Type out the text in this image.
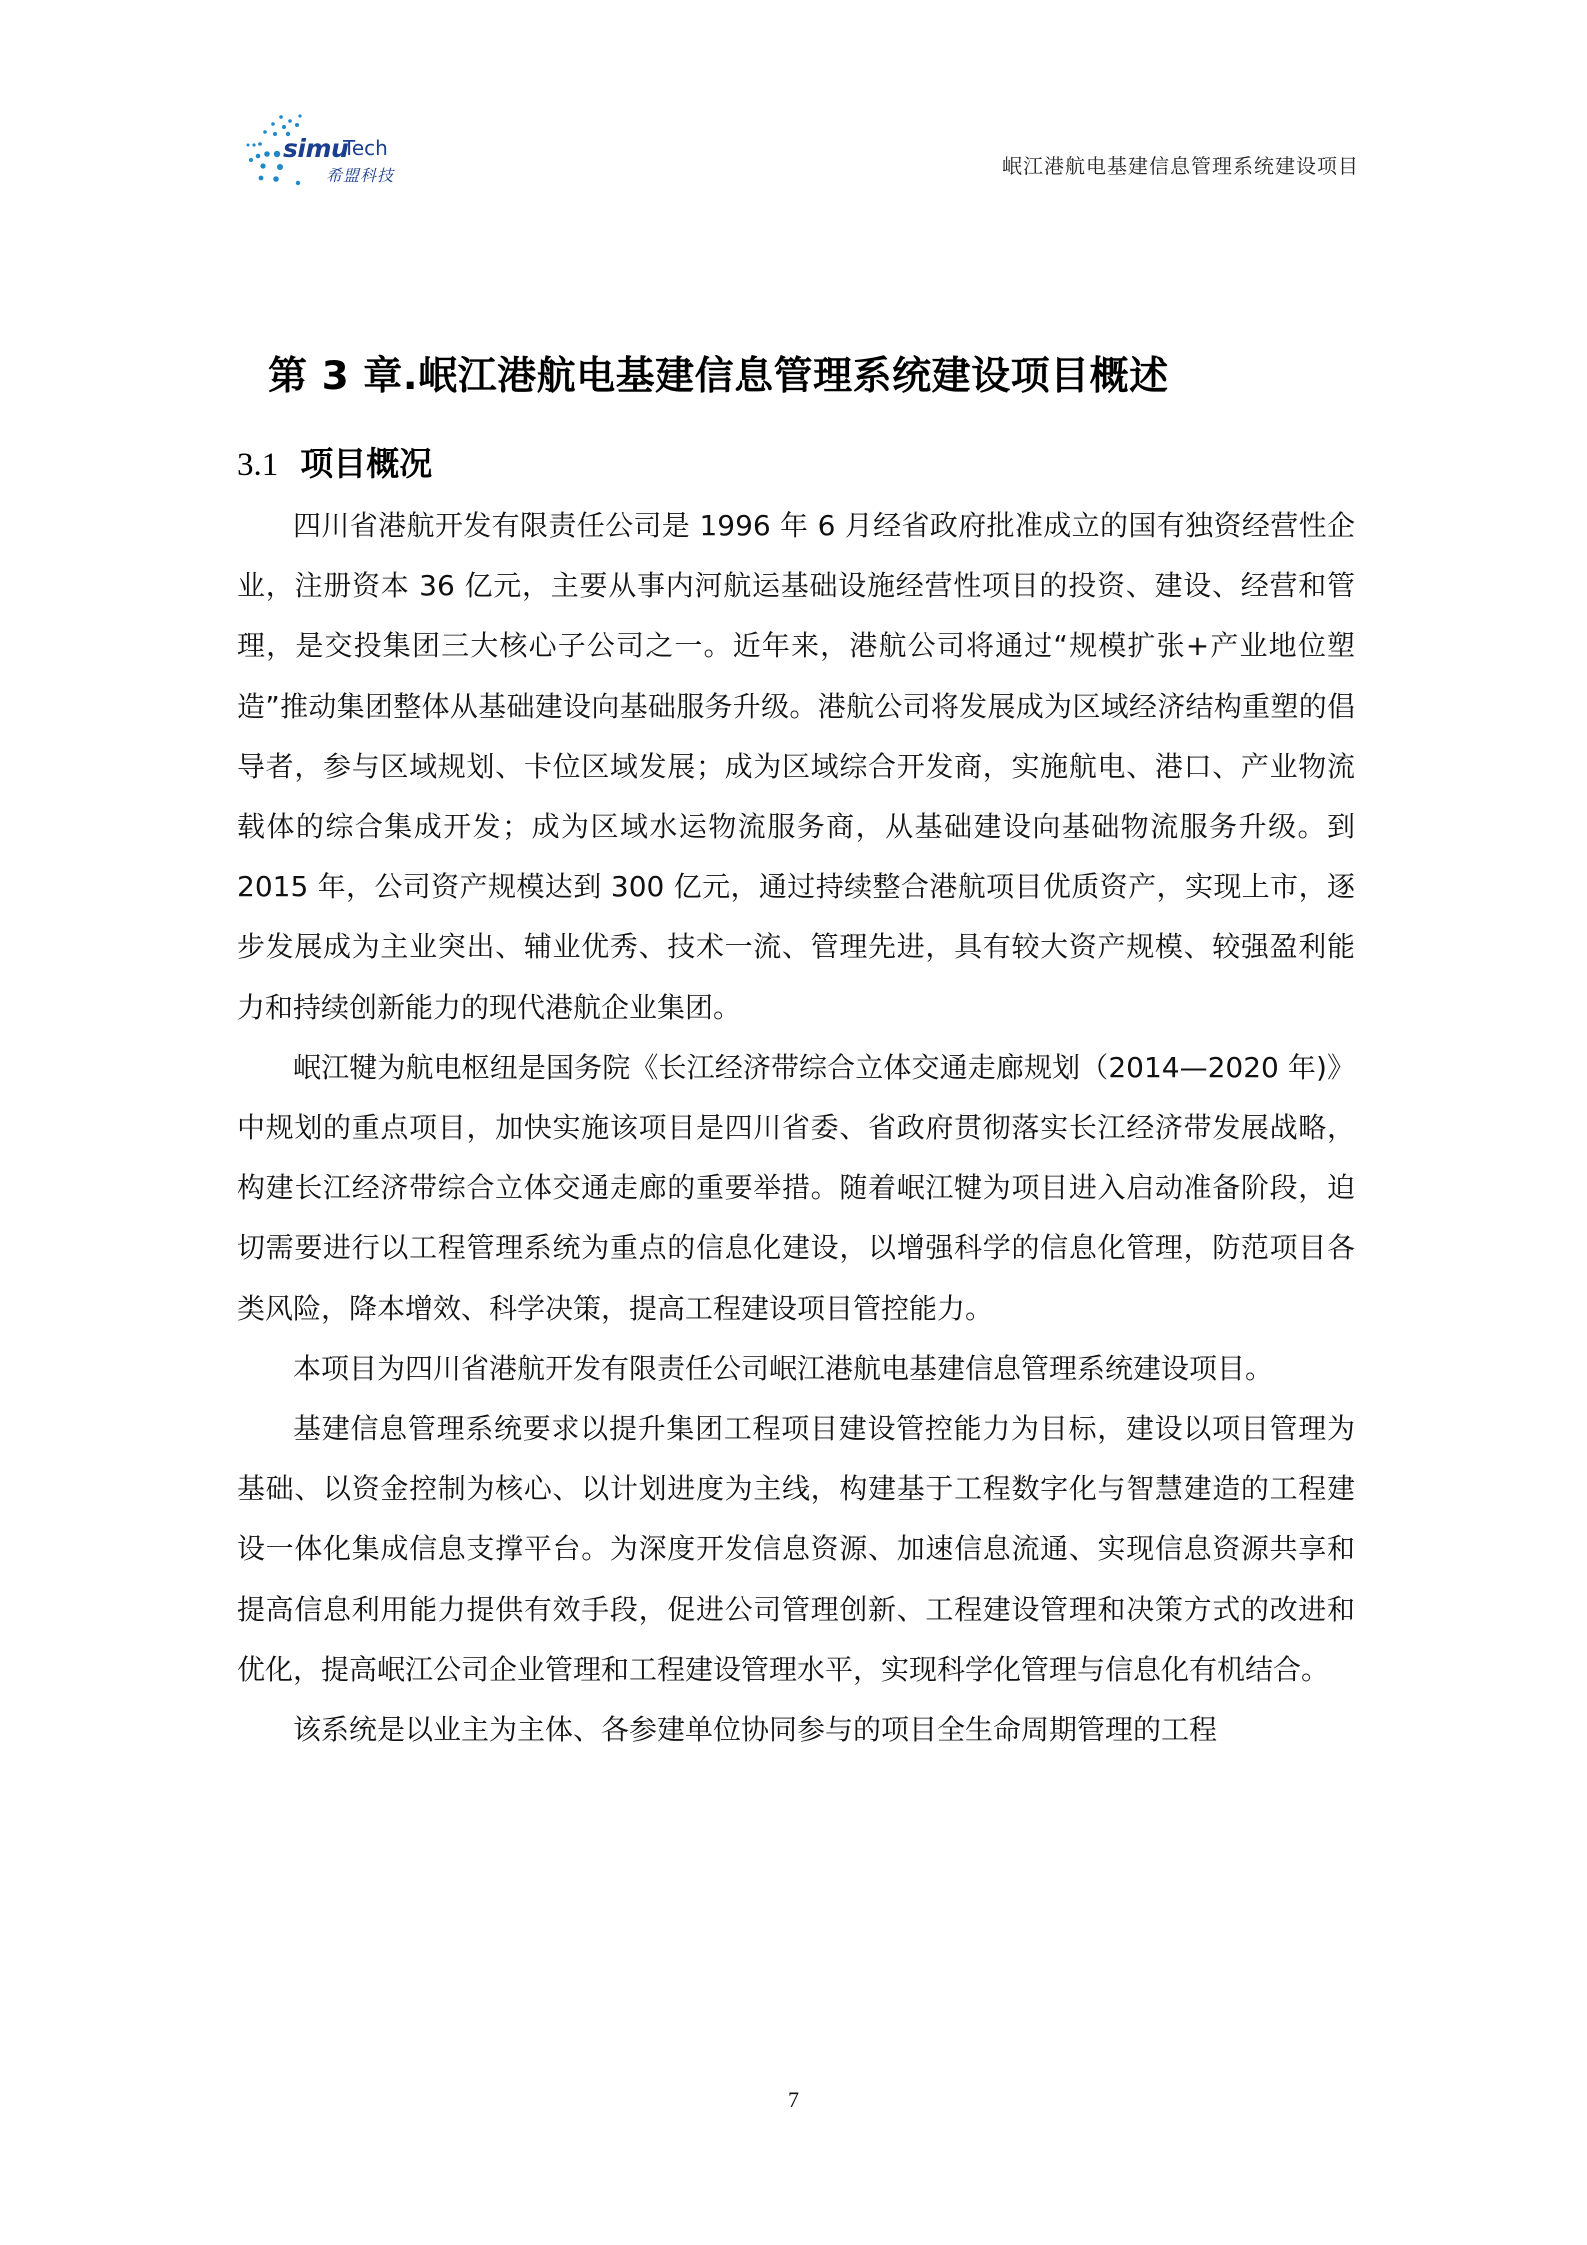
simu
Tech
希盟科技	岷江港航电基建信息管理系统建设项目
第 3 章.岷江港航电基建信息管理系统建设项目概述
3.1 项目概况

四川省港航开发有限责任公司是 1996 年 6 月经省政府批准成立的国有独资经营性企业，注册资本 36 亿元，主要从事内河航运基础设施经营性项目的投资、建设、经营和管理，是交投集团三大核心子公司之一。近年来，港航公司将通过“规模扩张+产业地位塑造”推动集团整体从基础建设向基础服务升级。港航公司将发展成为区域经济结构重塑的倡导者，参与区域规划、卡位区域发展；成为区域综合开发商，实施航电、港口、产业物流载体的综合集成开发；成为区域水运物流服务商，从基础建设向基础物流服务升级。到 2015 年，公司资产规模达到 300 亿元，通过持续整合港航项目优质资产，实现上市，逐步发展成为主业突出、辅业优秀、技术一流、管理先进，具有较大资产规模、较强盈利能力和持续创新能力的现代港航企业集团。

岷江犍为航电枢纽是国务院《长江经济带综合立体交通走廊规划（2014—2020 年)》中规划的重点项目，加快实施该项目是四川省委、省政府贯彻落实长江经济带发展战略，构建长江经济带综合立体交通走廊的重要举措。随着岷江犍为项目进入启动准备阶段，迫切需要进行以工程管理系统为重点的信息化建设，以增强科学的信息化管理，防范项目各类风险，降本增效、科学决策，提高工程建设项目管控能力。

本项目为四川省港航开发有限责任公司岷江港航电基建信息管理系统建设项目。

基建信息管理系统要求以提升集团工程项目建设管控能力为目标，建设以项目管理为基础、以资金控制为核心、以计划进度为主线，构建基于工程数字化与智慧建造的工程建设一体化集成信息支撑平台。为深度开发信息资源、加速信息流通、实现信息资源共享和提高信息利用能力提供有效手段，促进公司管理创新、工程建设管理和决策方式的改进和优化，提高岷江公司企业管理和工程建设管理水平，实现科学化管理与信息化有机结合。

该系统是以业主为主体、各参建单位协同参与的项目全生命周期管理的工程

7
